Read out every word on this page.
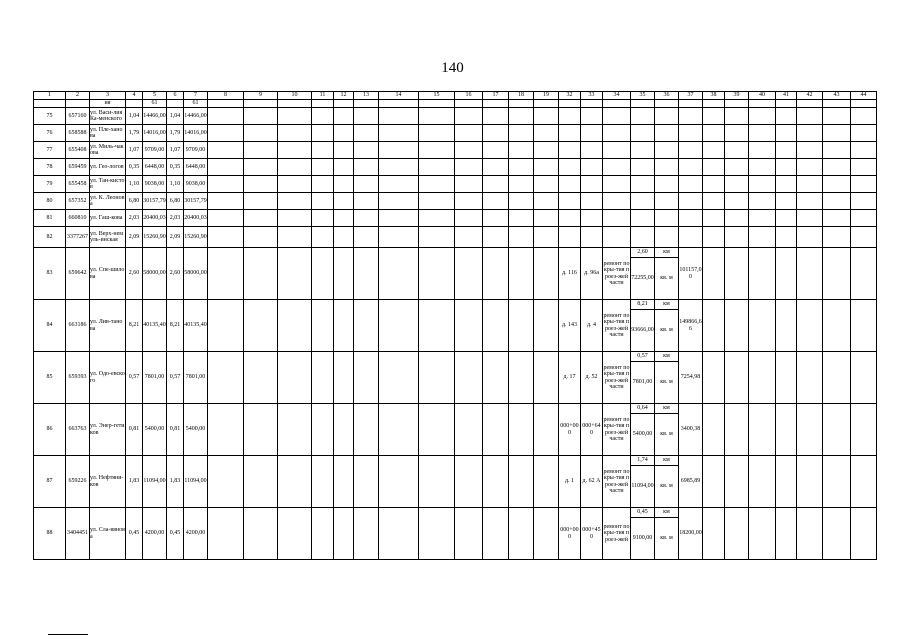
140
1	2	3	4	5	6	7	8	9	10	11	12	13	14	15	16	17	18	19	32	33	34	35	36	37	38	39	40	41	42	43	44
		ия		61		61																									
75	657160	ул. Васи-лия Ка-менского	1,04	14466,00	1,04	14466,00																									
76	658588	ул. Пле-ханова	1,79	14016,00	1,79	14016,00																									
77	655408	ул. Миль-чакова	1,07	9709,00	1,07	9709,00																									
78	659459	ул. Гео-логов	0,35	6448,00	0,35	6448,00																									
79	655458	ул. Тан-кистов	1,10	9038,00	1,10	9038,00																									
80	657352	ул. К. Леонова	6,80	30157,79	6,80	30157,79																									
81	660810	ул. Гаш-кова	2,03	20400,03	2,03	20400,03																									
82	3377267	ул. Верх-немуль-инская	2,09	15260,90	2,09	15260,90																									
83	659642	ул. Спе-шилова	2,60	58000,00	2,60	58000,00													д. 116	д. 96а	ремонт покры-тия проез-жей части	2,60	км	101157,00							
																						72255,00	кв. м								
84	663186	ул. Лив-танова	8,21	40135,40	8,21	40135,40													д. 143	д. 4	ремонт покры-тия проез-жей части	8,21	км	149866,66							
																						93666,00	кв. м								
85	659393	ул. Одо-евского	0,57	7801,00	0,57	7801,00													д. 17	д. 52	ремонт покры-тия проез-жей части	0,57	км	7254,98							
																						7801,00	кв. м								
86	663763	ул. Энер-гетиков	0,81	5400,00	0,81	5400,00													000+000	000+640	ремонт покры-тия проез-жей части	0,64	км	3400,38							
																						5400,00	кв. м								
87	659226	ул. Нефтяни-ков	1,83	11094,00	1,83	11094,00													д. 1	д. 62 А	ремонт покры-тия проез-жей части	1,74	км	6985,89							
																						11094,00	кв. м								
88	3404451	ул. Сла-вянова	0,45	4200,00	0,45	4200,00													000+000	000+450	ремонт покры-тия проез-жей	0,45	км	18200,00							
																						9100,00	кв. м								
